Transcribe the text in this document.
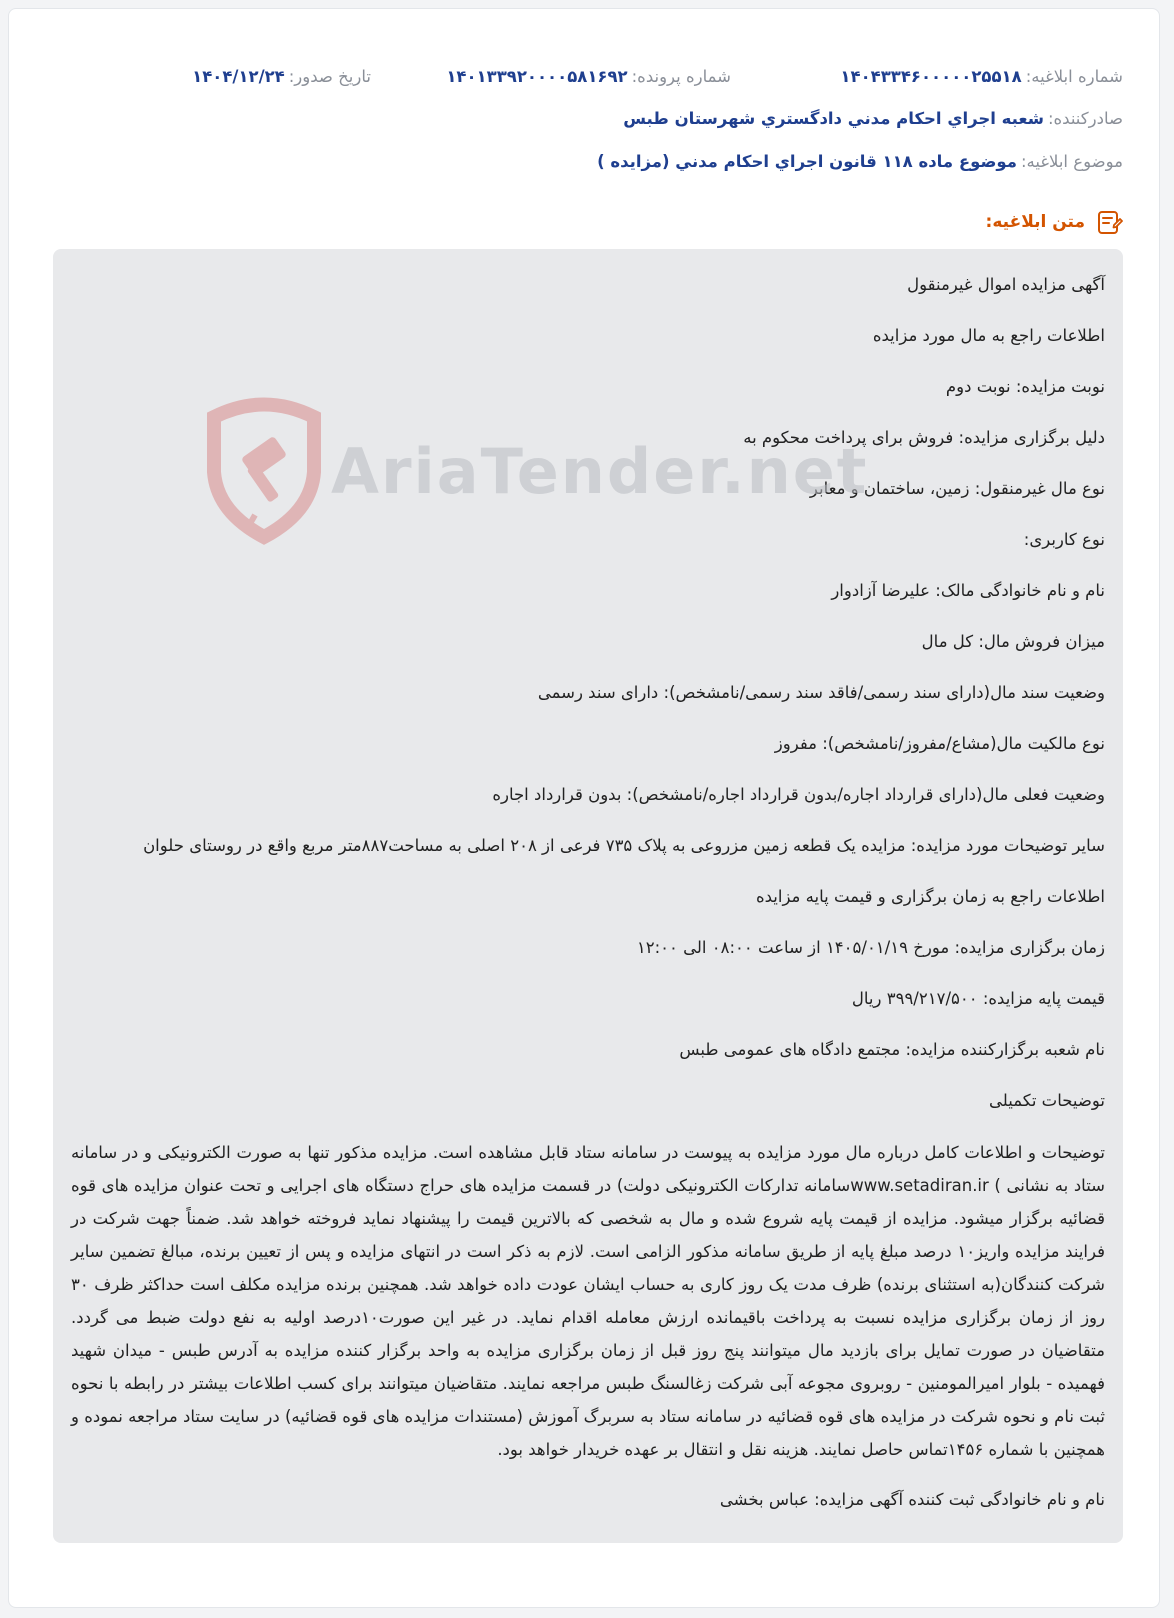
شماره ابلاغیه:
۱۴۰۴۳۳۴۶۰۰۰۰۰۲۵۵۱۸
شماره پرونده:
۱۴۰۱۳۳۹۲۰۰۰۰۵۸۱۶۹۲
تاریخ صدور:
۱۴۰۴/۱۲/۲۴
صادرکننده:
شعبه اجراي احكام مدني دادگستري شهرستان طبس
موضوع ابلاغیه:
موضوع ماده ۱۱۸ قانون اجراي احكام مدني (مزايده )
متن ابلاغیه:
آگهی مزایده اموال غیرمنقول
اطلاعات راجع به مال مورد مزایده
نوبت مزایده: نوبت دوم
دلیل برگزاری مزایده: فروش برای پرداخت محکوم به
نوع مال غیرمنقول: زمین، ساختمان و معابر
نوع کاربری:
نام و نام خانوادگی مالک: علیرضا آزادوار
میزان فروش مال: کل مال
وضعیت سند مال(دارای سند رسمی/فاقد سند رسمی/نامشخص): دارای سند رسمی
نوع مالکیت مال(مشاع/مفروز/نامشخص): مفروز
وضعیت فعلی مال(دارای قرارداد اجاره/بدون قرارداد اجاره/نامشخص): بدون قرارداد اجاره
سایر توضیحات مورد مزایده: مزایده یک قطعه زمین مزروعی به پلاک ۷۳۵ فرعی از ۲۰۸ اصلی به مساحت۸۸۷متر مربع واقع در روستای حلوان
اطلاعات راجع به زمان برگزاری و قیمت پایه مزایده
زمان برگزاری مزایده: مورخ ۱۴۰۵/۰۱/۱۹ از ساعت ۰۸:۰۰ الی ۱۲:۰۰
قیمت پایه مزایده: ۳۹۹/۲۱۷/۵۰۰ ریال
نام شعبه برگزارکننده مزایده: مجتمع دادگاه های عمومی طبس
توضیحات تکمیلی
توضیحات و اطلاعات کامل درباره مال مورد مزایده به پیوست در سامانه ستاد قابل مشاهده است. مزایده مذکور تنها به صورت الکترونیکی و در سامانه ستاد به نشانی ) www.setadiran.irسامانه تدارکات الکترونیکی دولت) در قسمت مزایده های حراج دستگاه های اجرایی و تحت عنوان مزایده های قوه قضائیه برگزار میشود. مزایده از قیمت پایه شروع شده و مال به شخصی که بالاترین قیمت را پیشنهاد نماید فروخته خواهد شد. ضمناً جهت شرکت در فرایند مزایده واریز۱۰ درصد مبلغ پایه از طریق سامانه مذکور الزامی است. لازم به ذکر است در انتهای مزایده و پس از تعیین برنده، مبالغ تضمین سایر شرکت کنندگان(به استثنای برنده) ظرف مدت یک روز کاری به حساب ایشان عودت داده خواهد شد. همچنین برنده مزایده مکلف است حداکثر ظرف ۳۰ روز از زمان برگزاری مزایده نسبت به پرداخت باقیمانده ارزش معامله اقدام نماید. در غیر این صورت۱۰درصد اولیه به نفع دولت ضبط می گردد. متقاضیان در صورت تمایل برای بازدید مال میتوانند پنج روز قبل از زمان برگزاری مزایده به واحد برگزار کننده مزایده به آدرس طبس - میدان شهید فهمیده - بلوار امیرالمومنین - روبروی مجوعه آبی شرکت زغالسنگ طبس مراجعه نمایند. متقاضیان میتوانند برای کسب اطلاعات بیشتر در رابطه با نحوه ثبت نام و نحوه شرکت در مزایده های قوه قضائیه در سامانه ستاد به سربرگ آموزش (مستندات مزایده های قوه قضائیه) در سایت ستاد مراجعه نموده و همچنین با شماره ۱۴۵۶تماس حاصل نمایند. هزینه نقل و انتقال بر عهده خریدار خواهد بود.
نام و نام خانوادگی ثبت کننده آگهی مزایده: عباس بخشی
AriaTender.net
